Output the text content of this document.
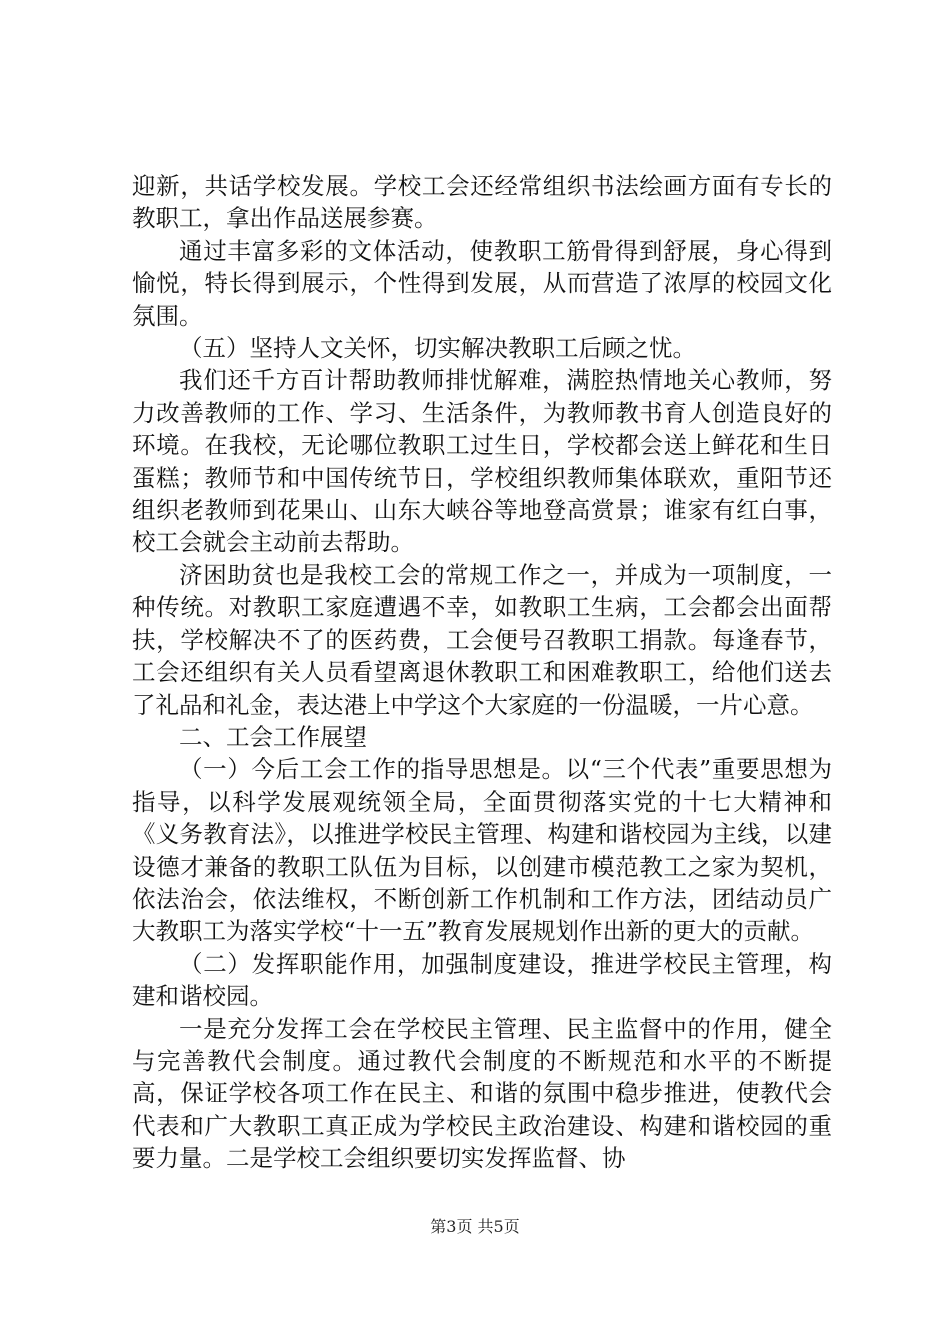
迎新，共话学校发展。学校工会还经常组织书法绘画方面有专长的教职工，拿出作品送展参赛。

通过丰富多彩的文体活动，使教职工筋骨得到舒展，身心得到愉悦，特长得到展示，个性得到发展，从而营造了浓厚的校园文化氛围。

（五）坚持人文关怀，切实解决教职工后顾之忧。

我们还千方百计帮助教师排忧解难，满腔热情地关心教师，努力改善教师的工作、学习、生活条件，为教师教书育人创造良好的环境。在我校，无论哪位教职工过生日，学校都会送上鲜花和生日蛋糕；教师节和中国传统节日，学校组织教师集体联欢，重阳节还组织老教师到花果山、山东大峡谷等地登高赏景；谁家有红白事，校工会就会主动前去帮助。

济困助贫也是我校工会的常规工作之一，并成为一项制度，一种传统。对教职工家庭遭遇不幸，如教职工生病，工会都会出面帮扶，学校解决不了的医药费，工会便号召教职工捐款。每逢春节，工会还组织有关人员看望离退休教职工和困难教职工，给他们送去了礼品和礼金，表达港上中学这个大家庭的一份温暖，一片心意。

二、工会工作展望

（一）今后工会工作的指导思想是。以“三个代表”重要思想为指导，以科学发展观统领全局，全面贯彻落实党的十七大精神和《义务教育法》，以推进学校民主管理、构建和谐校园为主线，以建设德才兼备的教职工队伍为目标，以创建市模范教工之家为契机，依法治会，依法维权，不断创新工作机制和工作方法，团结动员广大教职工为落实学校“十一五”教育发展规划作出新的更大的贡献。

（二）发挥职能作用，加强制度建设，推进学校民主管理，构建和谐校园。

一是充分发挥工会在学校民主管理、民主监督中的作用，健全与完善教代会制度。通过教代会制度的不断规范和水平的不断提高，保证学校各项工作在民主、和谐的氛围中稳步推进，使教代会代表和广大教职工真正成为学校民主政治建设、构建和谐校园的重要力量。二是学校工会组织要切实发挥监督、协

第3页 共5页
